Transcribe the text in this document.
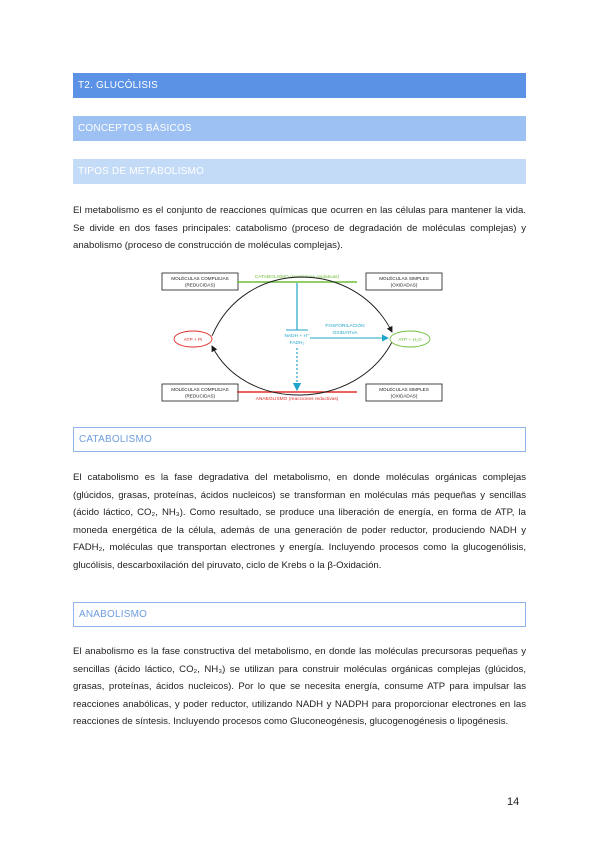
T2. GLUCÓLISIS
CONCEPTOS BÁSICOS
TIPOS DE METABOLISMO

El metabolismo es el conjunto de reacciones químicas que ocurren en las células para mantener la vida. Se divide en dos fases principales: catabolismo (proceso de degradación de moléculas complejas) y anabolismo (proceso de construcción de moléculas complejas).

MOLÉCULAS COMPLEJAS
(REDUCIDAS)
MOLÉCULAS SIMPLES
(OXIDADAS)
MOLÉCULAS COMPLEJAS
(REDUCIDAS)
MOLÉCULAS SIMPLES
(OXIDADAS)
CATABOLISMO (reacciones oxidativas)
ANABOLISMO (reacciones reductivas)
NADH + H⁺
FADH₂
FOSFORILACIÓN
OXIDATIVA
ATP + Pi	ATP + H₂O
CATABOLISMO

El catabolismo es la fase degradativa del metabolismo, en donde moléculas orgánicas complejas (glúcidos, grasas, proteínas, ácidos nucleicos) se transforman en moléculas más pequeñas y sencillas (ácido láctico, CO₂, NH₃). Como resultado, se produce una liberación de energía, en forma de ATP, la moneda energética de la célula, además de una generación de poder reductor, produciendo NADH y FADH₂, moléculas que transportan electrones y energía. Incluyendo procesos como la glucogenólisis, glucólisis, descarboxilación del piruvato, ciclo de Krebs o la β-Oxidación.

ANABOLISMO

El anabolismo es la fase constructiva del metabolismo, en donde las moléculas precursoras pequeñas y sencillas (ácido láctico, CO₂, NH₃) se utilizan para construir moléculas orgánicas complejas (glúcidos, grasas, proteínas, ácidos nucleicos). Por lo que se necesita energía, consume ATP para impulsar las reacciones anabólicas, y poder reductor, utilizando NADH y NADPH para proporcionar electrones en las reacciones de síntesis. Incluyendo procesos como Gluconeogénesis, glucogenogénesis o lipogénesis.

14
